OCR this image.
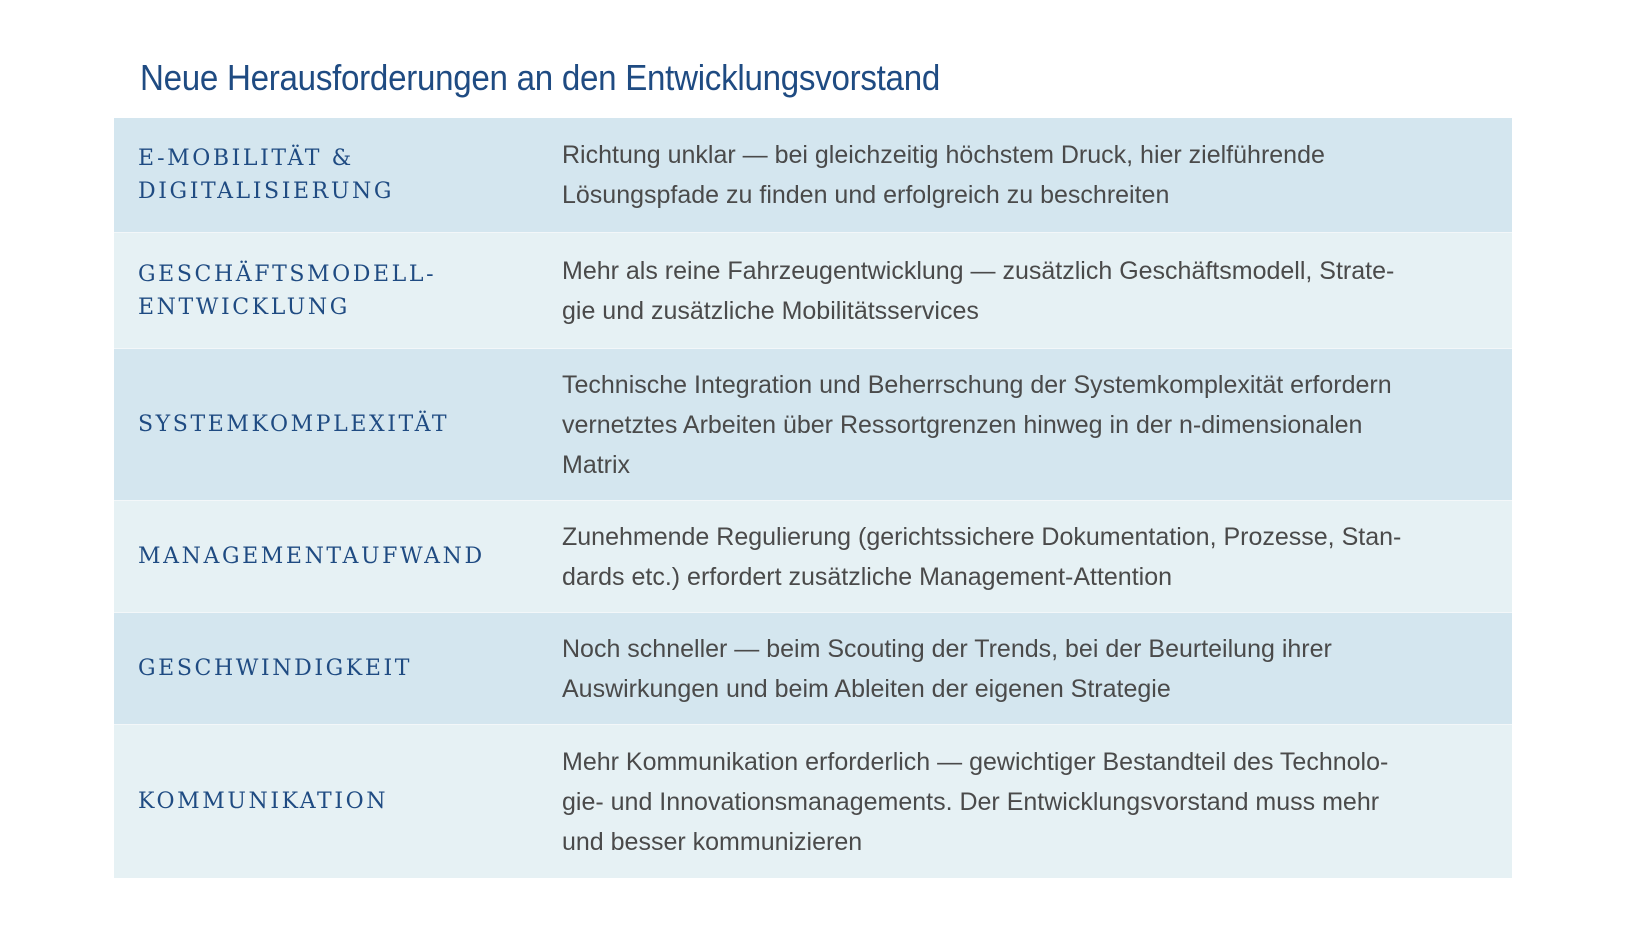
Neue Herausforderungen an den Entwicklungsvorstand
E-MOBILITÄT &
DIGITALISIERUNG
Richtung unklar — bei gleichzeitig höchstem Druck, hier zielführende
Lösungspfade zu finden und erfolgreich zu beschreiten
GESCHÄFTSMODELL-
ENTWICKLUNG
Mehr als reine Fahrzeugentwicklung — zusätzlich Geschäftsmodell, Strate-
gie und zusätzliche Mobilitätsservices
SYSTEMKOMPLEXITÄT
Technische Integration und Beherrschung der Systemkomplexität erfordern
vernetztes Arbeiten über Ressortgrenzen hinweg in der n-dimensionalen
Matrix
MANAGEMENTAUFWAND
Zunehmende Regulierung (gerichtssichere Dokumentation, Prozesse, Stan-
dards etc.) erfordert zusätzliche Management-Attention
GESCHWINDIGKEIT
Noch schneller — beim Scouting der Trends, bei der Beurteilung ihrer
Auswirkungen und beim Ableiten der eigenen Strategie
KOMMUNIKATION
Mehr Kommunikation erforderlich — gewichtiger Bestandteil des Technolo-
gie- und Innovationsmanagements. Der Entwicklungsvorstand muss mehr
und besser kommunizieren
